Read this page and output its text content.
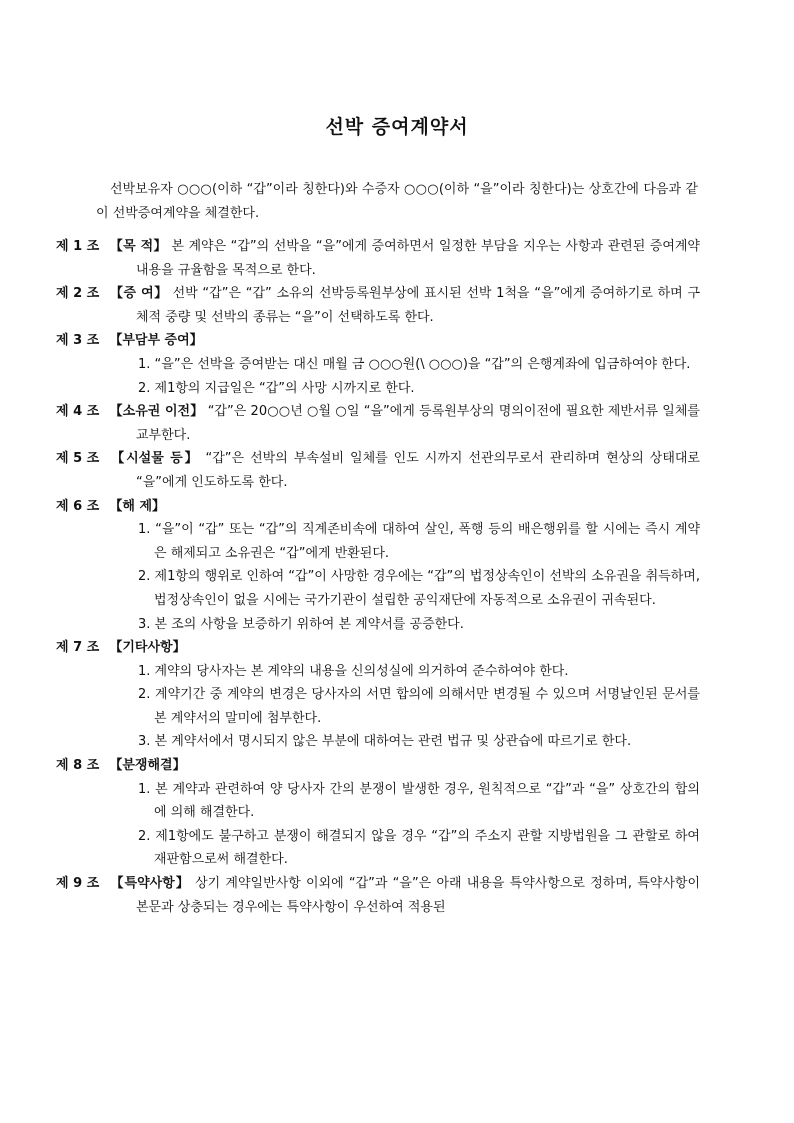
선박 증여계약서

선박보유자 ○○○(이하 “갑”이라 칭한다)와 수증자 ○○○(이하 “을”이라 칭한다)는 상호간에 다음과 같이 선박증여계약을 체결한다.

제 1 조 【목 적】 본 계약은 “갑”의 선박을 “을”에게 증여하면서 일정한 부담을 지우는 사항과 관련된 증여계약 내용을 규율함을 목적으로 한다.

제 2 조 【증 여】 선박 “갑”은 “갑” 소유의 선박등록원부상에 표시된 선박 1척을 “을”에게 증여하기로 하며 구체적 중량 및 선박의 종류는 “을”이 선택하도록 한다.

제 3 조 【부담부 증여】

1. “을”은 선박을 증여받는 대신 매월 금 ○○○원(\ ○○○)을 “갑”의 은행계좌에 입금하여야 한다.

2. 제1항의 지급일은 “갑”의 사망 시까지로 한다.

제 4 조 【소유권 이전】 “갑”은 20○○년 ○월 ○일 “을”에게 등록원부상의 명의이전에 필요한 제반서류 일체를 교부한다.

제 5 조 【시설물 등】 “갑”은 선박의 부속설비 일체를 인도 시까지 선관의무로서 관리하며 현상의 상태대로 “을”에게 인도하도록 한다.

제 6 조 【해 제】

1. “을”이 “갑” 또는 “갑”의 직계존비속에 대하여 살인, 폭행 등의 배은행위를 할 시에는 즉시 계약은 해제되고 소유권은 “갑”에게 반환된다.

2. 제1항의 행위로 인하여 “갑”이 사망한 경우에는 “갑”의 법정상속인이 선박의 소유권을 취득하며, 법정상속인이 없을 시에는 국가기관이 설립한 공익재단에 자동적으로 소유권이 귀속된다.

3. 본 조의 사항을 보증하기 위하여 본 계약서를 공증한다.

제 7 조 【기타사항】

1. 계약의 당사자는 본 계약의 내용을 신의성실에 의거하여 준수하여야 한다.

2. 계약기간 중 계약의 변경은 당사자의 서면 합의에 의해서만 변경될 수 있으며 서명날인된 문서를 본 계약서의 말미에 첨부한다.

3. 본 계약서에서 명시되지 않은 부분에 대하여는 관련 법규 및 상관습에 따르기로 한다.

제 8 조 【분쟁해결】

1. 본 계약과 관련하여 양 당사자 간의 분쟁이 발생한 경우, 원칙적으로 “갑”과 “을” 상호간의 합의에 의해 해결한다.

2. 제1항에도 불구하고 분쟁이 해결되지 않을 경우 “갑”의 주소지 관할 지방법원을 그 관할로 하여 재판함으로써 해결한다.

제 9 조 【특약사항】 상기 계약일반사항 이외에 “갑”과 “을”은 아래 내용을 특약사항으로 정하며, 특약사항이 본문과 상충되는 경우에는 특약사항이 우선하여 적용된
